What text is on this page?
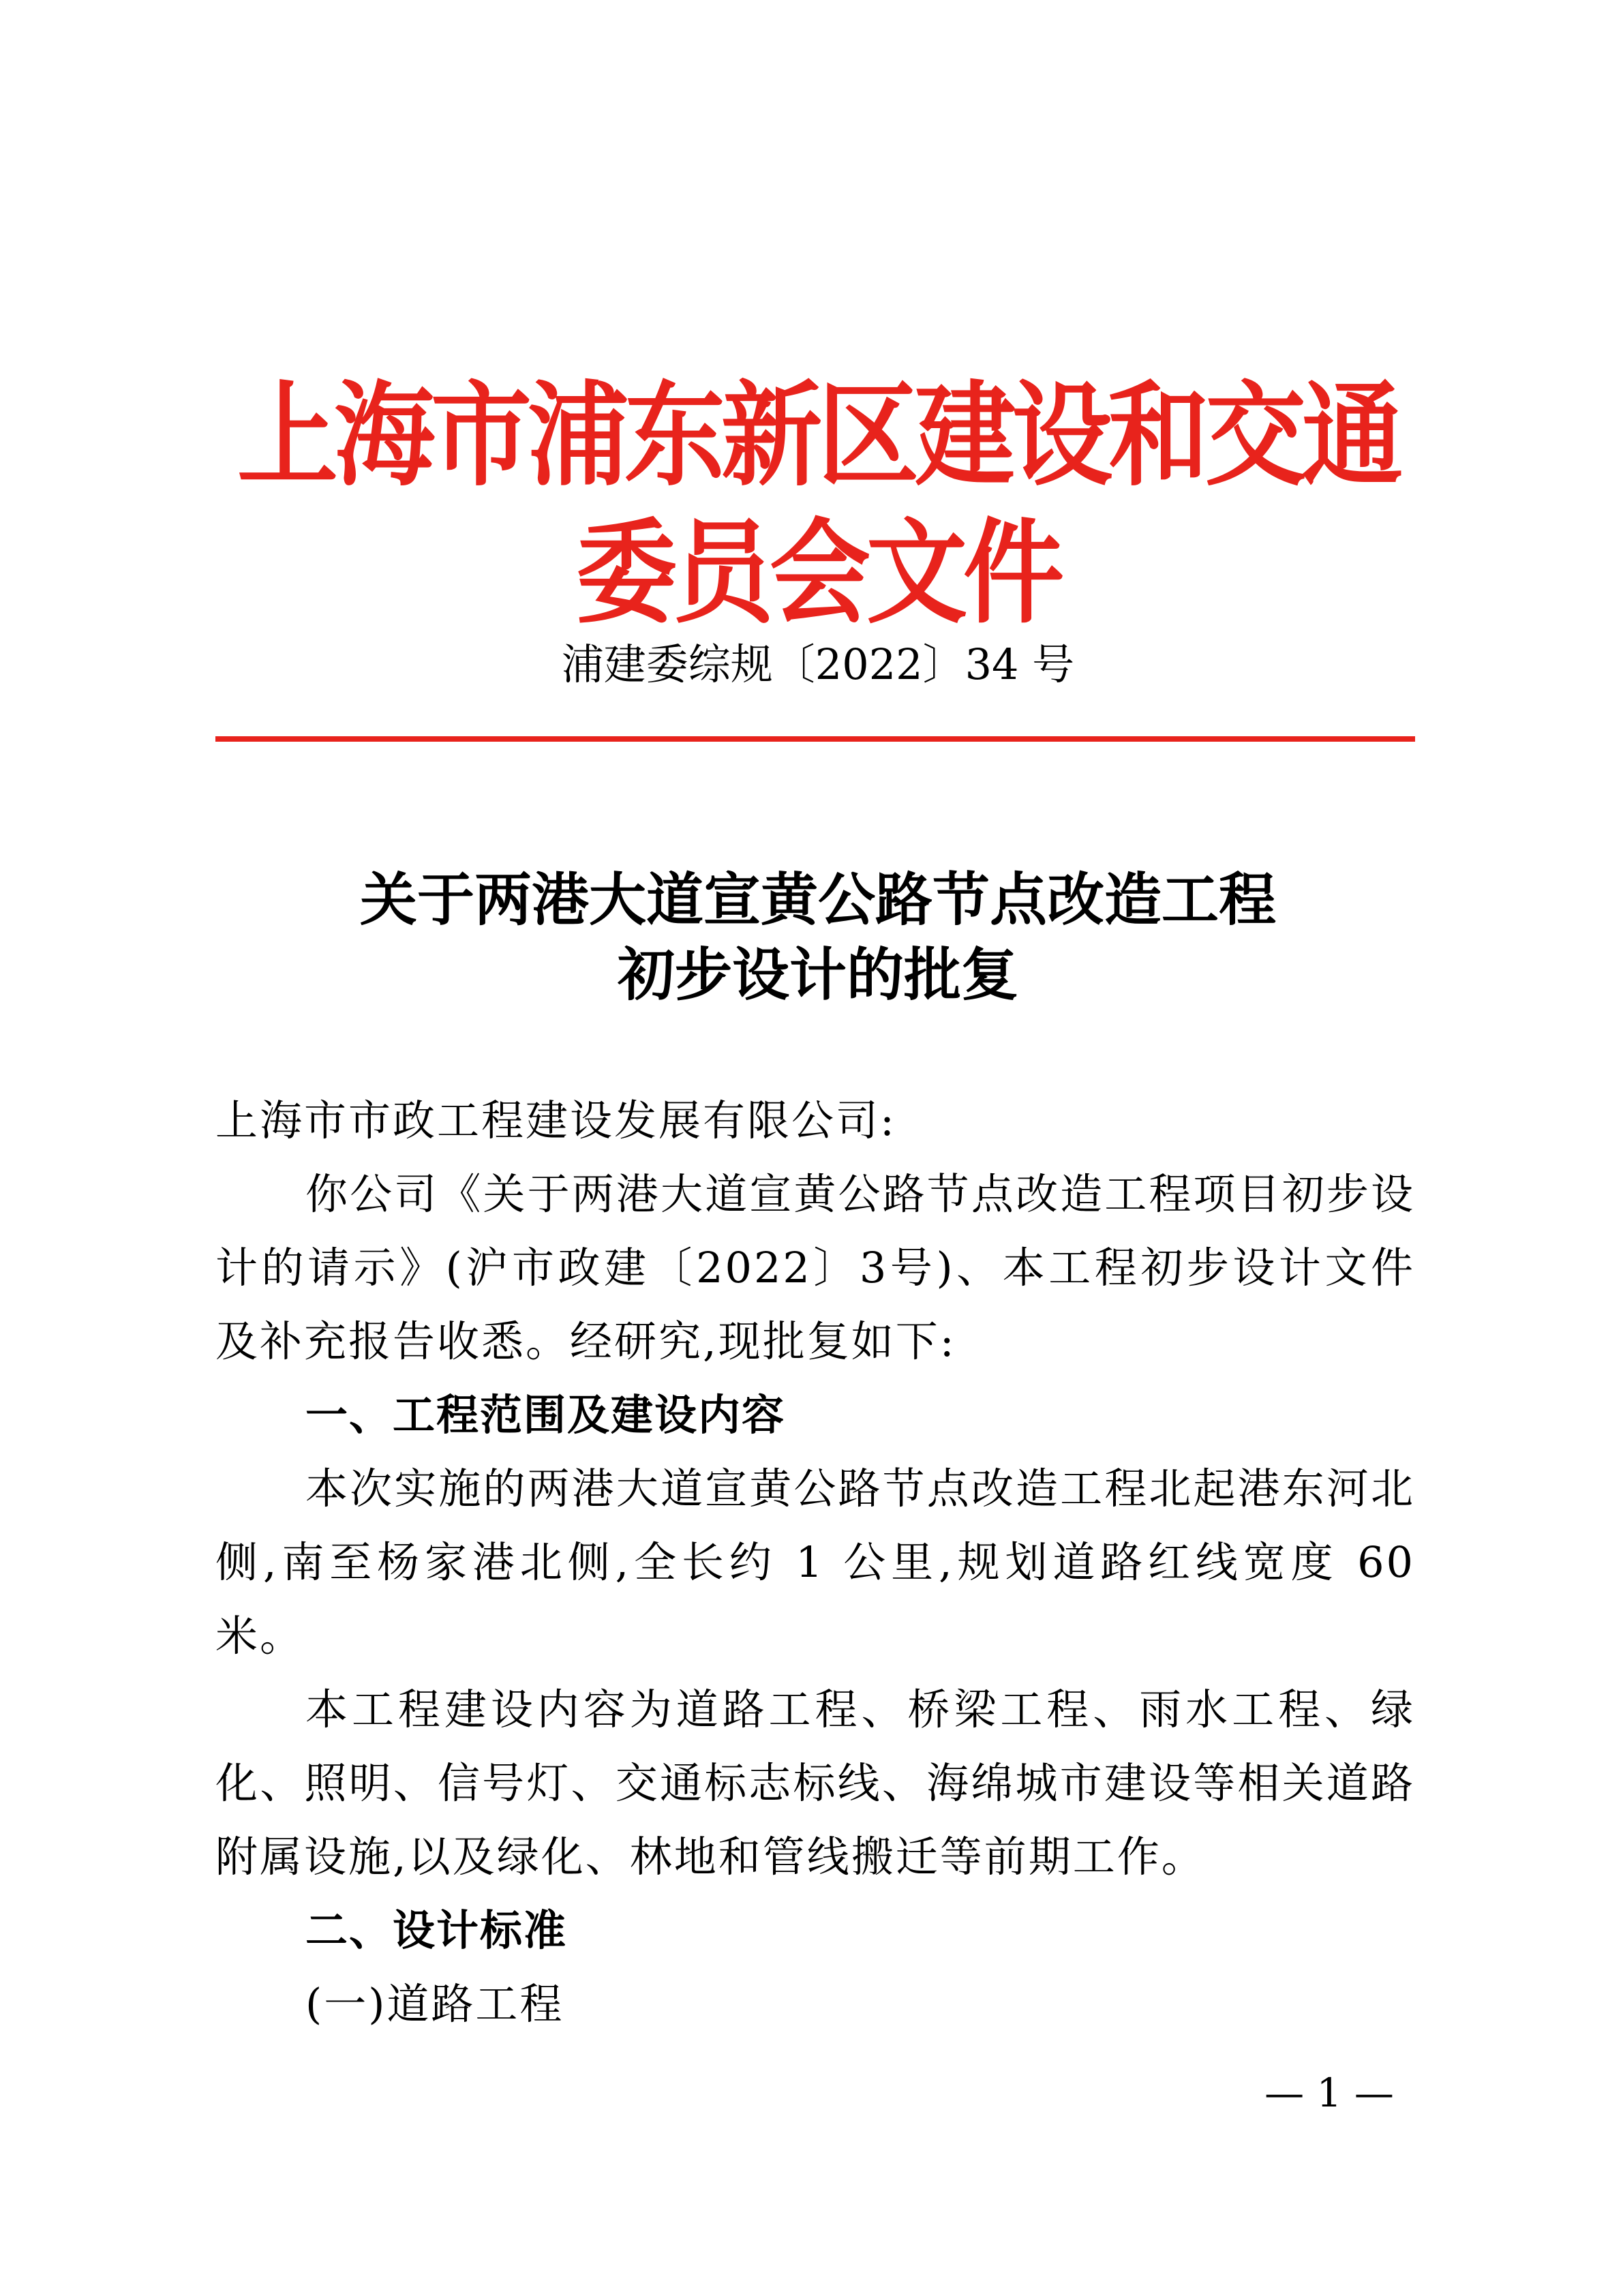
上海市浦东新区建设和交通委员会文件
浦建委综规〔2022〕34 号
关于两港大道宣黄公路节点改造工程
初步设计的批复

上海市市政工程建设发展有限公司:

你公司《关于两港大道宣黄公路节点改造工程项目初步设计的请示》(沪市政建〔2022〕3号)、本工程初步设计文件及补充报告收悉。经研究,现批复如下:

一、工程范围及建设内容

本次实施的两港大道宣黄公路节点改造工程北起港东河北侧,南至杨家港北侧,全长约 1 公里,规划道路红线宽度 60 米。

本工程建设内容为道路工程、桥梁工程、雨水工程、绿化、照明、信号灯、交通标志标线、海绵城市建设等相关道路附属设施,以及绿化、林地和管线搬迁等前期工作。

二、设计标准

(一)道路工程

— 1 —
